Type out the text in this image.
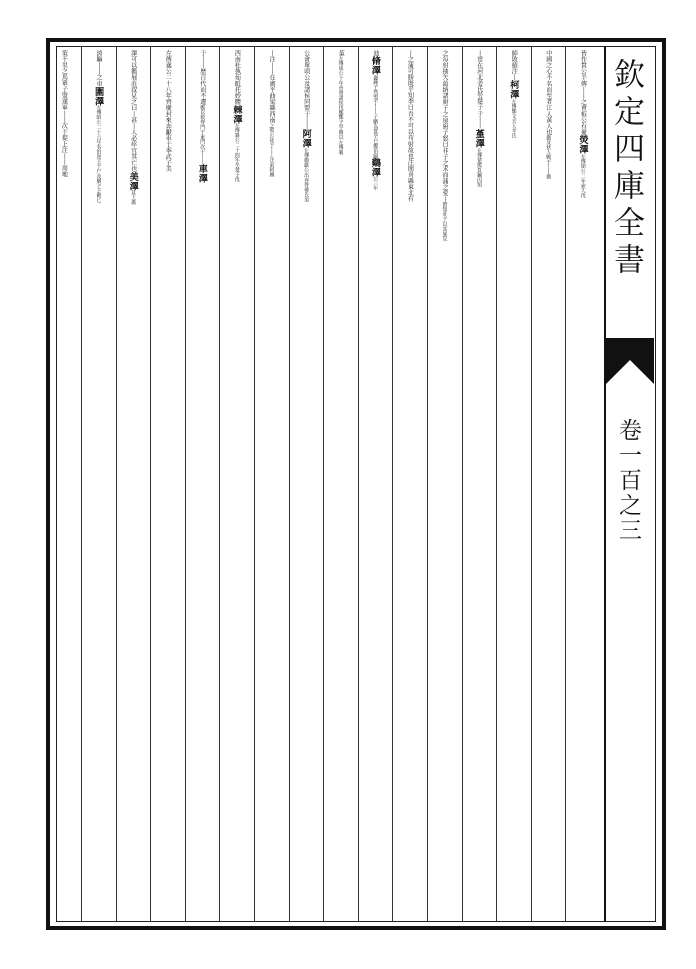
皆作貫公羊傳丨丨之會桓公有憂
熒澤
左傳閔公二年狄人伐
中國之心不名而至者江人黃人也
衞及狄人戰于丨丨衞
師敗績注丨
柯澤
左傳鄭文夫人芊氏
丨當在河北
姜氏勞楚子于丨丨
堇澤
左傳楚熊負羈囚知
之每射抽矢菆納諸廚子之房廚子怒曰非子之求而蒲之愛丨
罃知莊子以其族反
丨之蒲可勝
既乎知季曰吾不可以苟射故也注閒喜縣東北有
池
脩澤
襄鍾子然盟于丨丨子駟為質辛巳鄭伯歸
鷄澤
公三年
堇
左傳成公十年晉會諸侯伐鄭鄭子罕賂以
左傳襄
公會單頃公及諸侯同盟于丨丨
阿澤
左傳衞獻公出奔齊孫氏追
丨注丨丨在廣平曲梁縣西南
之敗公徒于丨丨注東阿縣
西南杜埶茹眡托妙體
棘澤
左傳襄公二十四年冬楚子伐
于丨丨歷百代而不遷
鄭以救齊門于東門次于丨丨
車澤
左傳襄公二十八年齊慶封來奔獻車于季武子美
澤可以鑑展莊叔見之曰丨甚丨人必瘁宜其亡也
美澤
見上蕭
誇驅丨丨之車
圍澤
左傳昭公二十六年名伯逆王于尸及劉子
子範匕
策千里之馬
單子盟遂軍丨丨次于提上注丨丨周地	欽定四庫全書
卷一百之三
